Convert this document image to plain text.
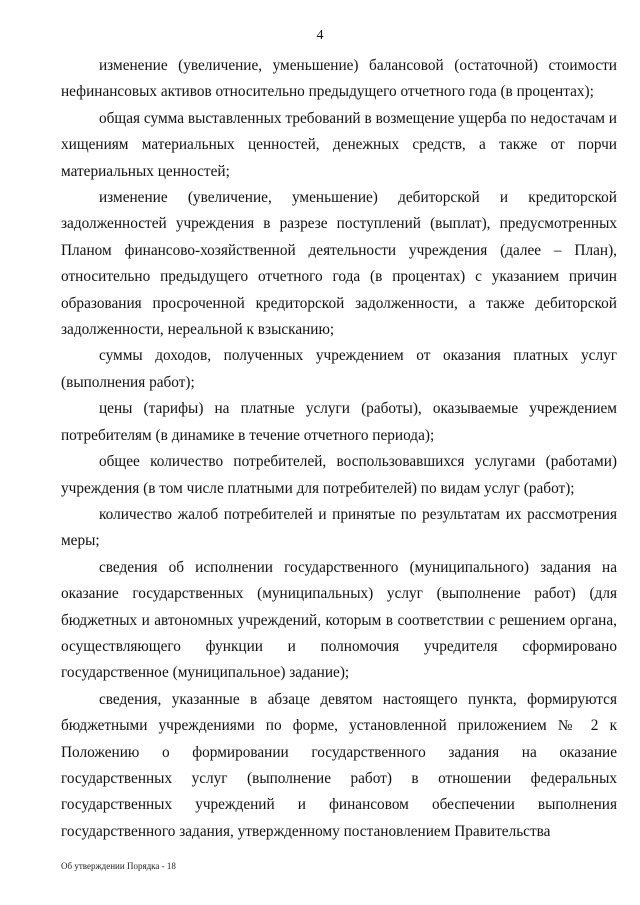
4

изменение (увеличение, уменьшение) балансовой (остаточной) стоимости нефинансовых активов относительно предыдущего отчетного года (в процентах);

общая сумма выставленных требований в возмещение ущерба по недостачам и хищениям материальных ценностей, денежных средств, а также от порчи материальных ценностей;

изменение (увеличение, уменьшение) дебиторской и кредиторской задолженностей учреждения в разрезе поступлений (выплат), предусмотренных Планом финансово-хозяйственной деятельности учреждения (далее – План), относительно предыдущего отчетного года (в процентах) с указанием причин образования просроченной кредиторской задолженности, а также дебиторской задолженности, нереальной к взысканию;

суммы доходов, полученных учреждением от оказания платных услуг (выполнения работ);

цены (тарифы) на платные услуги (работы), оказываемые учреждением потребителям (в динамике в течение отчетного периода);

общее количество потребителей, воспользовавшихся услугами (работами) учреждения (в том числе платными для потребителей) по видам услуг (работ);

количество жалоб потребителей и принятые по результатам их рассмотрения меры;

сведения об исполнении государственного (муниципального) задания на оказание государственных (муниципальных) услуг (выполнение работ) (для бюджетных и автономных учреждений, которым в соответствии с решением органа, осуществляющего функции и полномочия учредителя сформировано государственное (муниципальное) задание);

сведения, указанные в абзаце девятом настоящего пункта, формируются бюджетными учреждениями по форме, установленной приложением № 2 к Положению о формировании государственного задания на оказание государственных услуг (выполнение работ) в отношении федеральных государственных учреждений и финансовом обеспечении выполнения государственного задания, утвержденному постановлением Правительства

Об утверждении Порядка - 18
